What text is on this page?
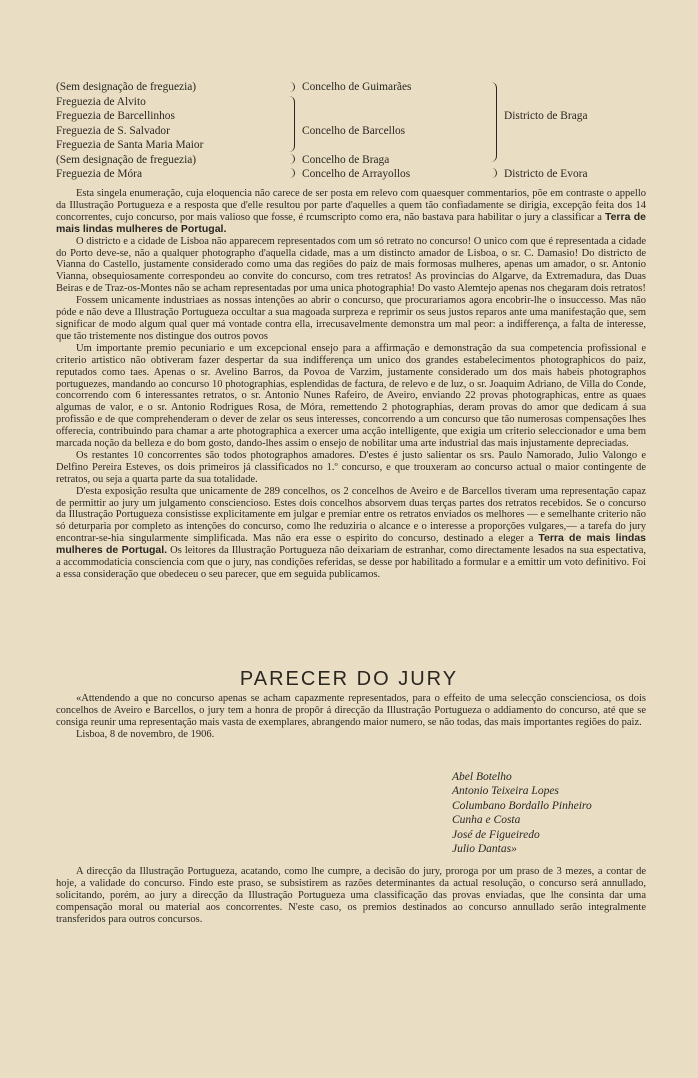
(Sem designação de freguezia)
Freguezia de Alvito
Freguezia de Barcellinhos
Freguezia de S. Salvador
Freguezia de Santa Maria Maior
(Sem designação de freguezia)
Freguezia de Móra
Concelho de Guimarães
Concelho de Barcellos
Concelho de Braga
Concelho de Arrayollos
Districto de Braga
Districto de Evora

Esta singela enumeração, cuja eloquencia não carece de ser posta em relevo com quaesquer commentarios, põe em contraste o appello da Illustração Portugueza e a resposta que d'elle resultou por parte d'aquelles a quem tão confiadamente se dirigia, excepção feita dos 14 concorrentes, cujo concurso, por mais valioso que fosse, é rcumscripto como era, não bastava para habilitar o jury a classificar a Terra de mais lindas mulheres de Portugal.

O districto e a cidade de Lisboa não apparecem representados com um só retrato no concurso! O unico com que é representada a cidade do Porto deve-se, não a qualquer photographo d'aquella cidade, mas a um distincto amador de Lisboa, o sr. C. Damasio! Do districto de Vianna do Castello, justamente considerado como uma das regiões do paiz de mais formosas mulheres, apenas um amador, o sr. Antonio Vianna, obsequiosamente correspondeu ao convite do concurso, com tres retratos! As provincias do Algarve, da Extremadura, das Duas Beiras e de Traz-os-Montes não se acham representadas por uma unica photographia! Do vasto Alemtejo apenas nos chegaram dois retratos!

Fossem unicamente industriaes as nossas intenções ao abrir o concurso, que procurariamos agora encobrir-lhe o insuccesso. Mas não póde e não deve a Illustração Portugueza occultar a sua magoada surpreza e reprimir os seus justos reparos ante uma manifestação que, sem significar de modo algum qual quer má vontade contra ella, irrecusavelmente demonstra um mal peor: a indifferença, a falta de interesse, que tão tristemente nos distingue dos outros povos

Um importante premio pecuniario e um excepcional ensejo para a affirmação e demonstração da sua competencia profissional e criterio artistico não obtiveram fazer despertar da sua indifferença um unico dos grandes estabelecimentos photographicos do paiz, reputados como taes. Apenas o sr. Avelino Barros, da Povoa de Varzim, justamente considerado um dos mais habeis photographos portuguezes, mandando ao concurso 10 photographias, esplendidas de factura, de relevo e de luz, o sr. Joaquim Adriano, de Villa do Conde, concorrendo com 6 interessantes retratos, o sr. Antonio Nunes Rafeiro, de Aveiro, enviando 22 provas photographicas, entre as quaes algumas de valor, e o sr. Antonio Rodrigues Rosa, de Móra, remettendo 2 photographias, deram provas do amor que dedicam á sua profissão e de que comprehenderam o dever de zelar os seus interesses, concorrendo a um concurso que tão numerosas compensações lhes offerecia, contribuindo para chamar a arte photographica a exercer uma acção intelligente, que exigia um criterio seleccionador e uma bem marcada noção da belleza e do bom gosto, dando-lhes assim o ensejo de nobilitar uma arte industrial das mais injustamente depreciadas.

Os restantes 10 concorrentes são todos photographos amadores. D'estes é justo salientar os srs. Paulo Namorado, Julio Valongo e Delfino Pereira Esteves, os dois primeiros já classificados no 1.º concurso, e que trouxeram ao concurso actual o maior contingente de retratos, ou seja a quarta parte da sua totalidade.

D'esta exposição resulta que unicamente de 289 concelhos, os 2 concelhos de Aveiro e de Barcellos tiveram uma representação capaz de permittir ao jury um julgamento consciencioso. Estes dois concelhos absorvem duas terças partes dos retratos recebidos. Se o concurso da Illustração Portugueza consistisse explicitamente em julgar e premiar entre os retratos enviados os melhores — e semelhante criterio não só deturparia por completo as intenções do concurso, como lhe reduziria o alcance e o interesse a proporções vulgares,— a tarefa do jury encontrar-se-hia singularmente simplificada. Mas não era esse o espirito do concurso, destinado a eleger a Terra de mais lindas mulheres de Portugal. Os leitores da Illustração Portugueza não deixariam de estranhar, como directamente lesados na sua espectativa, a accommodaticia consciencia com que o jury, nas condições referidas, se desse por habilitado a formular e a emittir um voto definitivo. Foi a essa consideração que obedeceu o seu parecer, que em seguida publicamos.

PARECER DO JURY

«Attendendo a que no concurso apenas se acham capazmente representados, para o effeito de uma selecção conscienciosa, os dois concelhos de Aveiro e Barcellos, o jury tem a honra de propôr á direcção da Illustração Portugueza o addiamento do concurso, até que se consiga reunir uma representação mais vasta de exemplares, abrangendo maior numero, se não todas, das mais importantes regiões do paiz.

Lisboa, 8 de novembro, de 1906.

Abel Botelho
Antonio Teixeira Lopes
Columbano Bordallo Pinheiro
Cunha e Costa
José de Figueiredo
Julio Dantas»

A direcção da Illustração Portugueza, acatando, como lhe cumpre, a decisão do jury, proroga por um praso de 3 mezes, a contar de hoje, a validade do concurso. Findo este praso, se subsistirem as razões determinantes da actual resolução, o concurso será annullado, solicitando, porém, ao jury a direcção da Illustração Portugueza uma classificação das provas enviadas, que lhe consinta dar uma compensação moral ou material aos concorrentes. N'este caso, os premios destinados ao concurso annullado serão integralmente transferidos para outros concursos.
